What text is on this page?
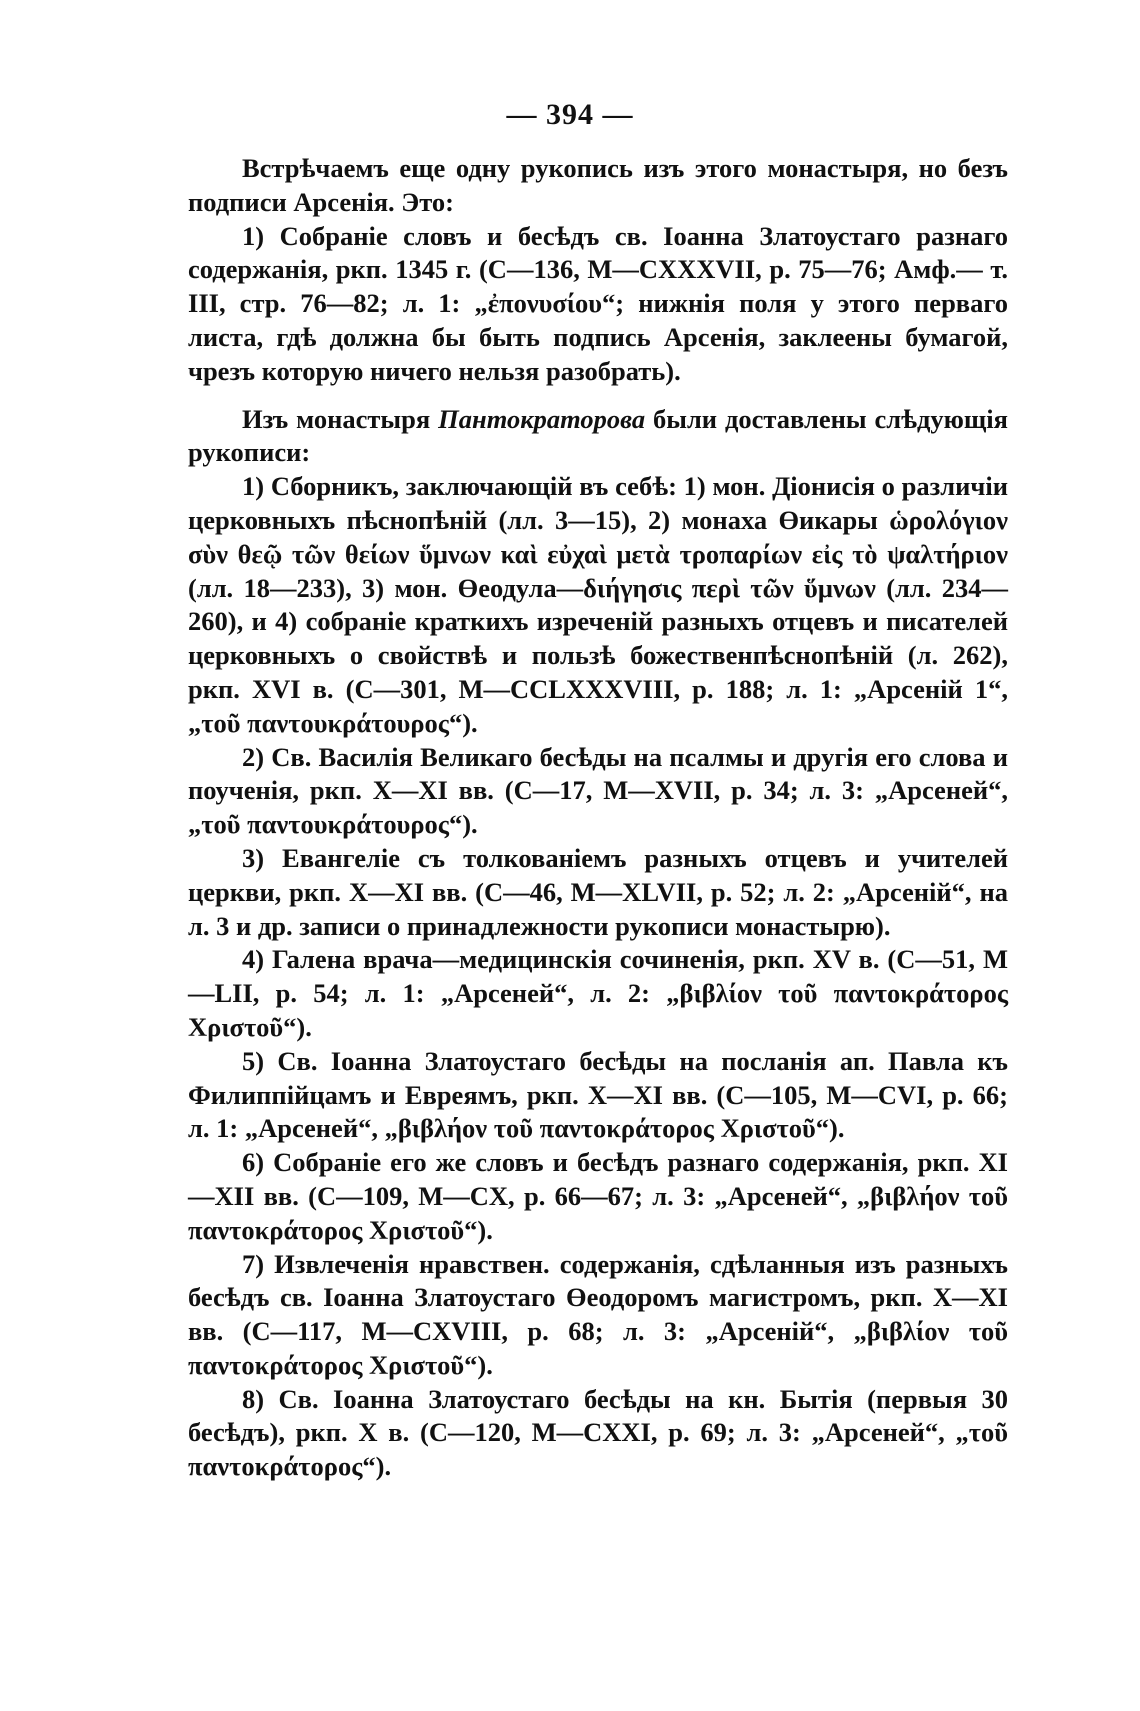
— 394 —

Встрѣчаемъ еще одну рукопись изъ этого монастыря, но безъ подписи Арсенія. Это:

1) Собраніе словъ и бесѣдъ св. Іоанна Златоустаго разнаго содержанія, ркп. 1345 г. (С—136, М—CXXXVII, р. 75—76; Амф.— т. III, стр. 76—82; л. 1: „ἐπονυσίου“; нижнія поля у этого перваго листа, гдѣ должна бы быть подпись Арсенія, заклеены бумагой, чрезъ которую ничего нельзя разобрать).

Изъ монастыря Пантократорова были доставлены слѣдующія рукописи:

1) Сборникъ, заключающій въ себѣ: 1) мон. Діонисія о различіи церковныхъ пѣснопѣній (лл. 3—15), 2) монаха Өикары ὡρολόγιον σὺν θεῷ τῶν θείων ὕμνων καὶ εὐχαὶ μετὰ τροπαρίων εἰς τὸ ψαλτήριον (лл. 18—233), 3) мон. Өеодула—διήγησις περὶ τῶν ὕμνων (лл. 234—260), и 4) собраніе краткихъ изреченій разныхъ отцевъ и писателей церковныхъ о свойствѣ и пользѣ божественпѣснопѣній (л. 262), ркп. XVI в. (С—301, М—CCLXXXVIII, р. 188; л. 1: „Арсеній 1“, „τοῦ παντουκράτουρος“).

2) Св. Василія Великаго бесѣды на псалмы и другія его слова и поученія, ркп. X—XI вв. (С—17, М—XVII, р. 34; л. 3: „Арсеней“, „τοῦ παντουκράτουρος“).

3) Евангеліе съ толкованіемъ разныхъ отцевъ и учителей церкви, ркп. X—XI вв. (С—46, М—XLVII, р. 52; л. 2: „Арсеній“, на л. 3 и др. записи о принадлежности рукописи монастырю).

4) Галена врача—медицинскія сочиненія, ркп. XV в. (С—51, М—LII, р. 54; л. 1: „Арсеней“, л. 2: „βιβλίον τοῦ παντοκράτορος Χριστοῦ“).

5) Св. Іоанна Златоустаго бесѣды на посланія ап. Павла къ Филиппійцамъ и Евреямъ, ркп. X—XI вв. (С—105, М—CVI, р. 66; л. 1: „Арсеней“, „βιβλήον τοῦ παντοκράτορος Χριστοῦ“).

6) Собраніе его же словъ и бесѣдъ разнаго содержанія, ркп. XI—XII вв. (С—109, М—CX, р. 66—67; л. 3: „Арсеней“, „βιβλήον τοῦ παντοκράτορος Χριστοῦ“).

7) Извлеченія нравствен. содержанія, сдѣланныя изъ разныхъ бесѣдъ св. Іоанна Златоустаго Өеодоромъ магистромъ, ркп. X—XI вв. (С—117, М—CXVIII, р. 68; л. 3: „Арсеній“, „βιβλίον τοῦ παντοκράτορος Χριστοῦ“).

8) Св. Іоанна Златоустаго бесѣды на кн. Бытія (первыя 30 бесѣдъ), ркп. X в. (С—120, М—CXXI, р. 69; л. 3: „Арсеней“, „τοῦ παντοκράτορος“).
